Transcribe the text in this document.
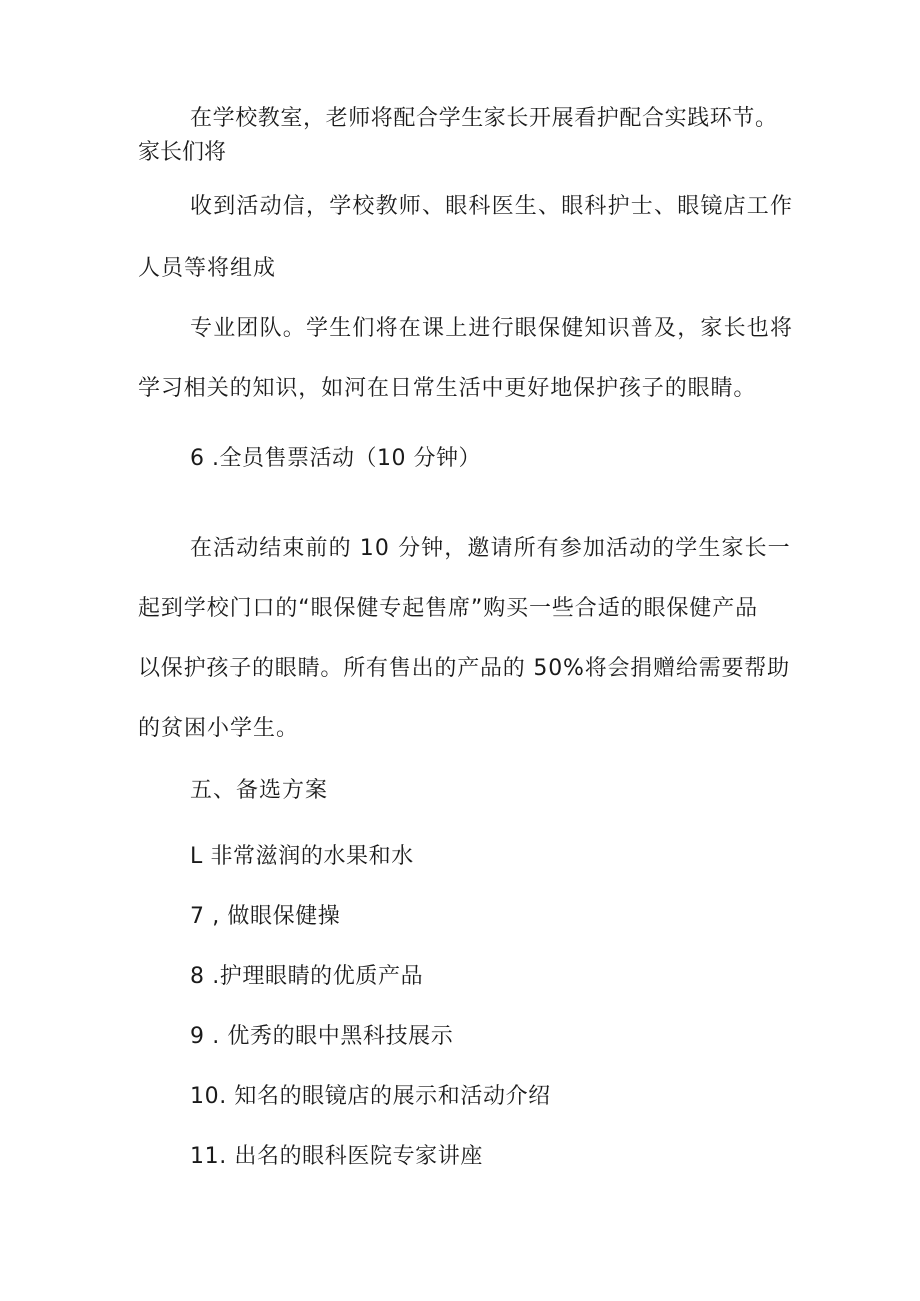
在学校教室，老师将配合学生家长开展看护配合实践环节。

家长们将

收到活动信，学校教师、眼科医生、眼科护士、眼镜店工作

人员等将组成

专业团队。学生们将在课上进行眼保健知识普及，家长也将

学习相关的知识，如河在日常生活中更好地保护孩子的眼睛。

6 .全员售票活动（10 分钟）

在活动结束前的 10 分钟，邀请所有参加活动的学生家长一

起到学校门口的“眼保健专起售席”购买一些合适的眼保健产品

以保护孩子的眼睛。所有售出的产品的 50%将会捐赠给需要帮助

的贫困小学生。

五、备选方案

L 非常滋润的水果和水

7 , 做眼保健操

8 .护理眼睛的优质产品

9 . 优秀的眼中黑科技展示

10. 知名的眼镜店的展示和活动介绍

11. 出名的眼科医院专家讲座
